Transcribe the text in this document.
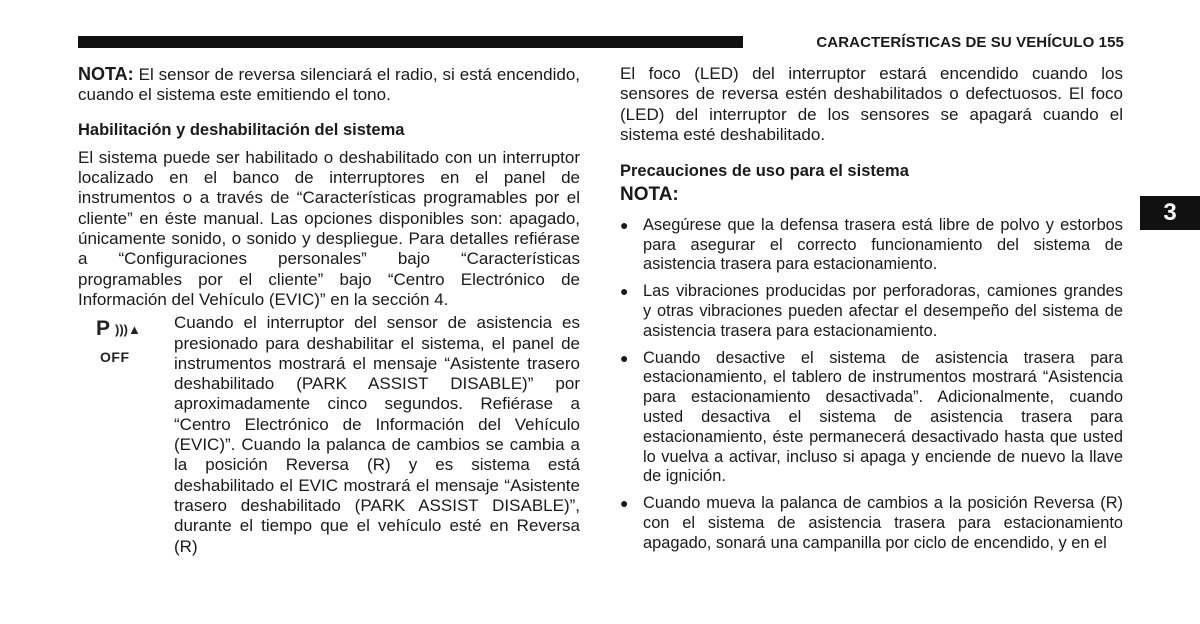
CARACTERÍSTICAS DE SU VEHÍCULO 155

NOTA: El sensor de reversa silenciará el radio, si está encendido, cuando el sistema este emitiendo el tono.

Habilitación y deshabilitación del sistema

El sistema puede ser habilitado o deshabilitado con un interruptor localizado en el banco de interruptores en el panel de instrumentos o a través de “Características programables por el cliente” en éste manual. Las opciones disponibles son: apagado, únicamente sonido, o sonido y despliegue. Para detalles refiérase a “Configuraciones personales” bajo “Características programables por el cliente” bajo “Centro Electrónico de Información del Vehículo (EVIC)” en la sección 4.

P )))▲
OFF

Cuando el interruptor del sensor de asistencia es presionado para deshabilitar el sistema, el panel de instrumentos mostrará el mensaje “Asistente trasero deshabilitado (PARK ASSIST DISABLE)” por aproximadamente cinco segundos. Refiérase a “Centro Electrónico de Información del Vehículo (EVIC)”. Cuando la palanca de cambios se cambia a la posición Reversa (R) y es sistema está deshabilitado el EVIC mostrará el mensaje “Asistente trasero deshabilitado (PARK ASSIST DISABLE)”, durante el tiempo que el vehículo esté en Reversa (R)

El foco (LED) del interruptor estará encendido cuando los sensores de reversa estén deshabilitados o defectuosos. El foco (LED) del interruptor de los sensores se apagará cuando el sistema esté deshabilitado.

Precauciones de uso para el sistema

NOTA:

● Asegúrese que la defensa trasera está libre de polvo y estorbos para asegurar el correcto funcionamiento del sistema de asistencia trasera para estacionamiento.
● Las vibraciones producidas por perforadoras, camiones grandes y otras vibraciones pueden afectar el desempeño del sistema de asistencia trasera para estacionamiento.
● Cuando desactive el sistema de asistencia trasera para estacionamiento, el tablero de instrumentos mostrará “Asistencia para estacionamiento desactivada”. Adicionalmente, cuando usted desactiva el sistema de asistencia trasera para estacionamiento, éste permanecerá desactivado hasta que usted lo vuelva a activar, incluso si apaga y enciende de nuevo la llave de ignición.
● Cuando mueva la palanca de cambios a la posición Reversa (R) con el sistema de asistencia trasera para estacionamiento apagado, sonará una campanilla por ciclo de encendido, y en el
3
